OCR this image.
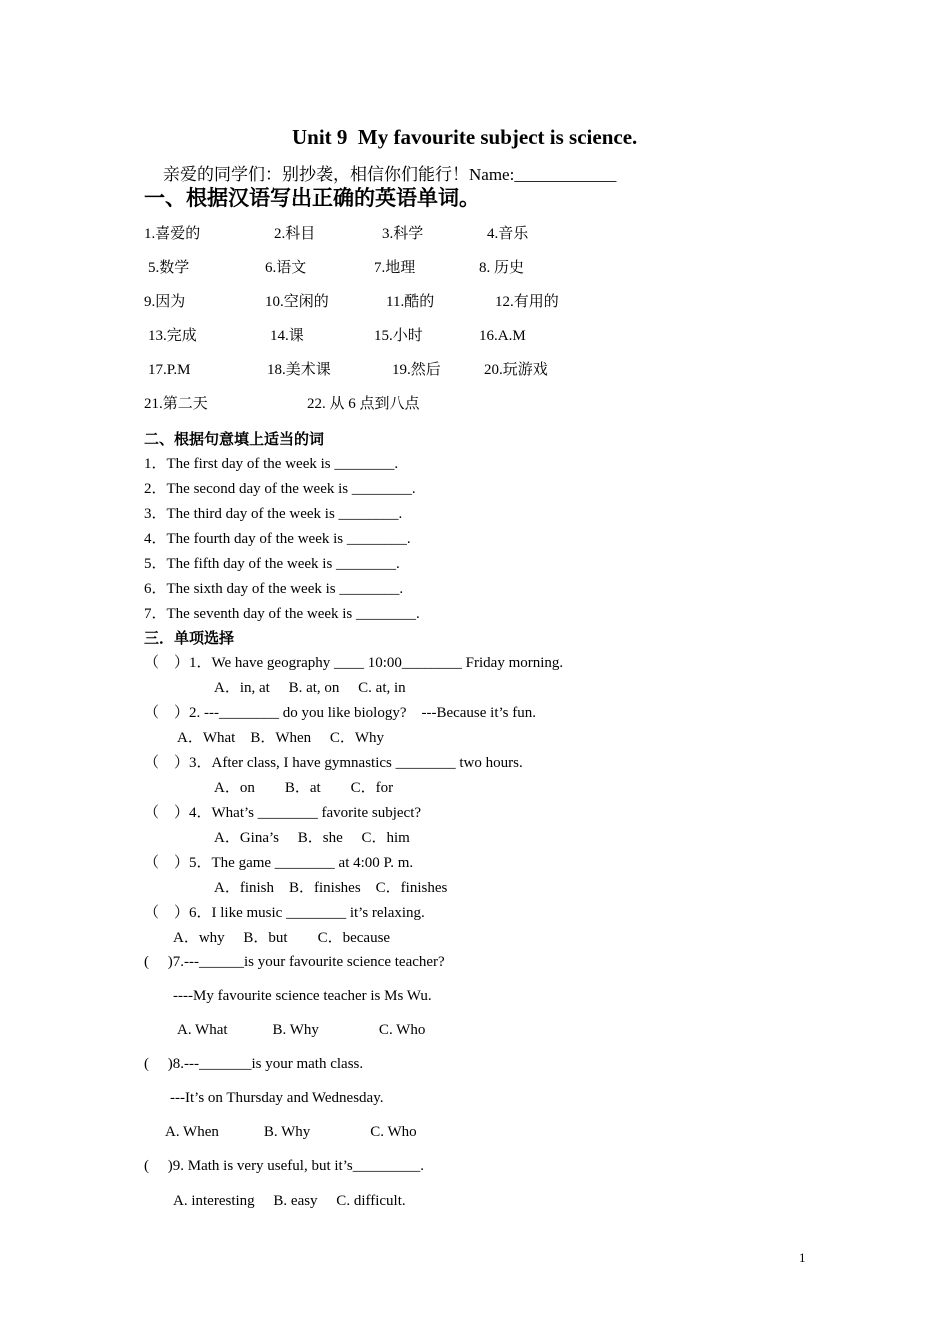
Unit 9  My favourite subject is science.
亲爱的同学们：别抄袭，相信你们能行！Name:____________
一、根据汉语写出正确的英语单词。
1.喜爱的	2.科目	3.科学	4.音乐
5.数学	6.语文	7.地理	8. 历史
9.因为	10.空闲的	11.酷的	12.有用的
13.完成	14.课	15.小时	16.A.M
17.P.M	18.美术课	19.然后	20.玩游戏
21.第二天	22. 从 6 点到八点
二、根据句意填上适当的词
1．The first day of the week is ________.
2．The second day of the week is ________.
3．The third day of the week is ________.
4．The fourth day of the week is ________.
5．The fifth day of the week is ________.
6．The sixth day of the week is ________.
7．The seventh day of the week is ________.
三．单项选择
（　）1．We have geography ____ 10:00________ Friday morning.
A．in, at　 B. at, on　 C. at, in
（　）2. ---________ do you like biology?　---Because it’s fun.
A．What　B．When　 C．Why
（　）3．After class, I have gymnastics ________ two hours.
A．on　　B．at　　C．for
（　）4．What’s ________ favorite subject?
A．Gina’s　 B．she　 C．him
（　）5．The game ________ at 4:00 P. m.
A．finish　B．finishes　C．finishes
（　）6．I like music ________ it’s relaxing.
A．why　 B．but　　C．because
(　 )7.---______is your favourite science teacher?
----My favourite science teacher is Ms Wu.
A. What　　　B. Why　　　　C. Who
(　 )8.---_______is your math class.
---It’s on Thursday and Wednesday.
A. When　　　B. Why　　　　C. Who
(　 )9. Math is very useful, but it’s_________.
A. interesting　 B. easy　 C. difficult.
1
